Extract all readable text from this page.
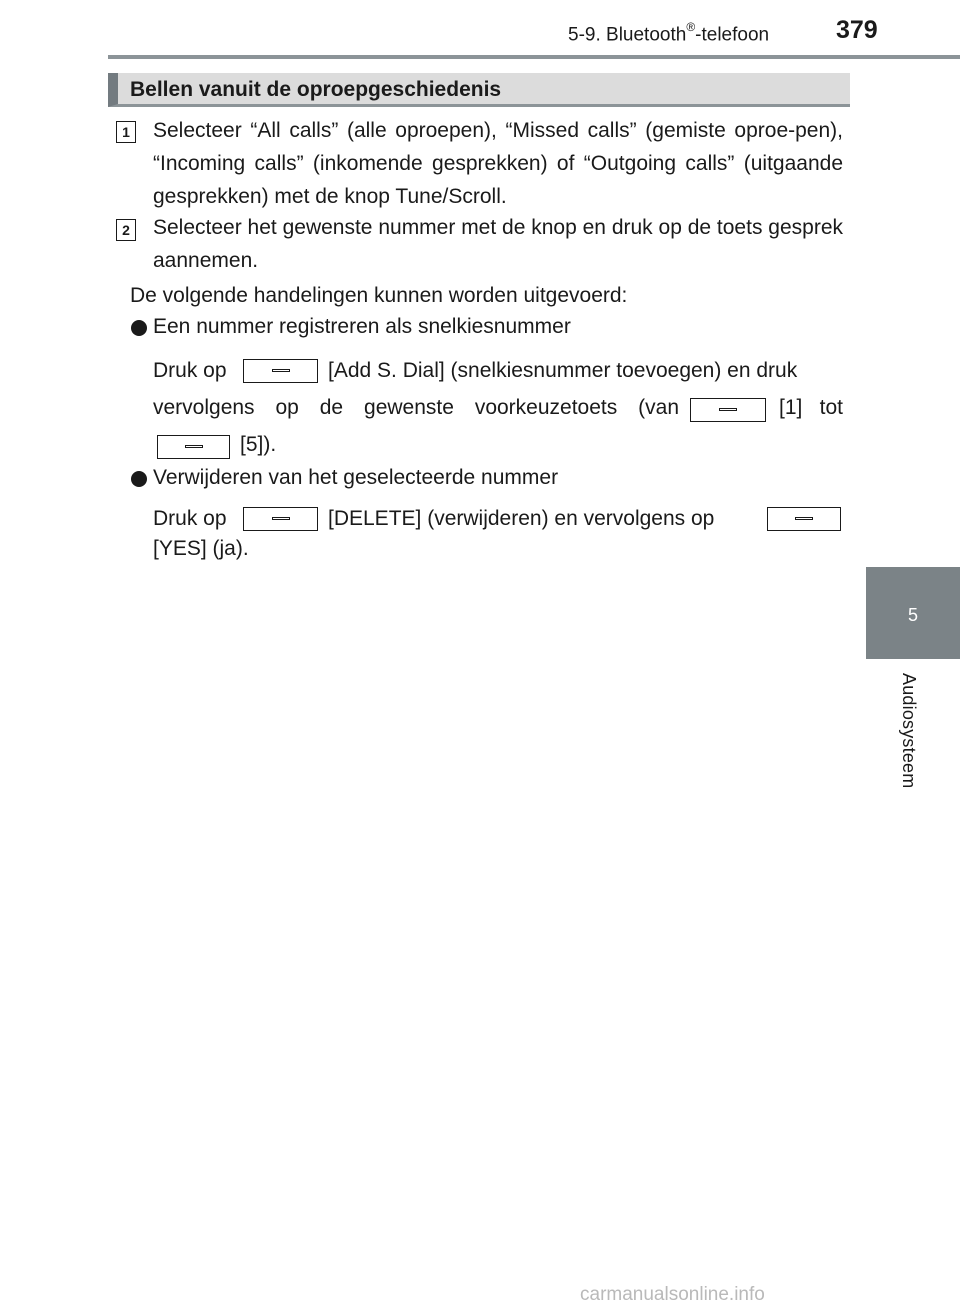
5-9. Bluetooth®-telefoon	379
5
Audiosysteem
Bellen vanuit de oproepgeschiedenis
1 Selecteer “All calls” (alle oproepen), “Missed calls” (gemiste oproe-pen), “Incoming calls” (inkomende gesprekken) of “Outgoing calls” (uitgaande gesprekken) met de knop Tune/Scroll.
2 Selecteer het gewenste nummer met de knop en druk op de toets gesprek aannemen.
De volgende handelingen kunnen worden uitgevoerd:
Een nummer registreren als snelkiesnummer
Druk op	[Add S. Dial] (snelkiesnummer toevoegen) en druk
vervolgens op de gewenste voorkeuzetoets (van	[1] tot
[5]).
Verwijderen van het geselecteerde nummer
Druk op	[DELETE] (verwijderen) en vervolgens op
[YES] (ja).
carmanualsonline.info
